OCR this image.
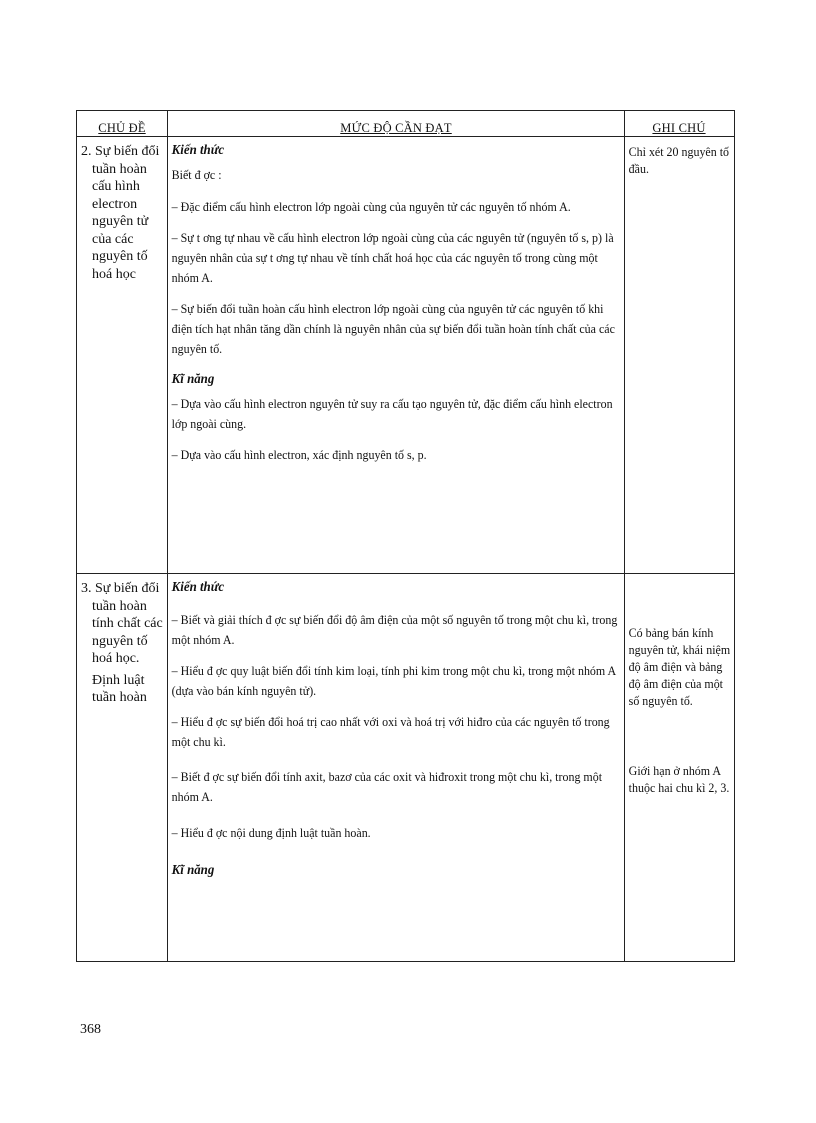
CHỦ ĐỀ	MỨC ĐỘ CẦN ĐẠT	GHI CHÚ
2. Sự biến đổi
tuần hoàn
cấu hình
electron
nguyên tử
của các
nguyên tố
hoá học

Kiến thức

Biết đ ợc :

– Đặc điểm cấu hình electron lớp ngoài cùng của nguyên tử các nguyên tố nhóm A.

– Sự t ơng tự nhau về cấu hình electron lớp ngoài cùng của các nguyên tử (nguyên tố s, p) là nguyên nhân của sự t ơng tự nhau về tính chất hoá học của các nguyên tố trong cùng một nhóm A.

– Sự biến đổi tuần hoàn cấu hình electron lớp ngoài cùng của nguyên tử các nguyên tố khi điện tích hạt nhân tăng dần chính là nguyên nhân của sự biến đổi tuần hoàn tính chất của các nguyên tố.

Kĩ năng

– Dựa vào cấu hình electron nguyên tử suy ra cấu tạo nguyên tử, đặc điểm cấu hình electron lớp ngoài cùng.

– Dựa vào cấu hình electron, xác định nguyên tố s, p.

Chỉ xét 20 nguyên tố đầu.
3. Sự biến đổi
tuần hoàn
tính chất các
nguyên tố
hoá học.
Định luật
tuần hoàn

Kiến thức

– Biết và giải thích đ ợc sự biến đổi độ âm điện của một số nguyên tố trong một chu kì, trong một nhóm A.

– Hiểu đ ợc quy luật biến đổi tính kim loại, tính phi kim trong một chu kì, trong một nhóm A (dựa vào bán kính nguyên tử).

– Hiểu đ ợc sự biến đổi hoá trị cao nhất với oxi và hoá trị với hiđro của các nguyên tố trong một chu kì.

– Biết đ ợc sự biến đổi tính axit, bazơ của các oxit và hiđroxit trong một chu kì, trong một nhóm A.

– Hiểu đ ợc nội dung định luật tuần hoàn.

Kĩ năng

Có bảng bán kính nguyên tử, khái niệm độ âm điện và bảng độ âm điện của một số nguyên tố.
Giới hạn ở nhóm A thuộc hai chu kì 2, 3.
368
